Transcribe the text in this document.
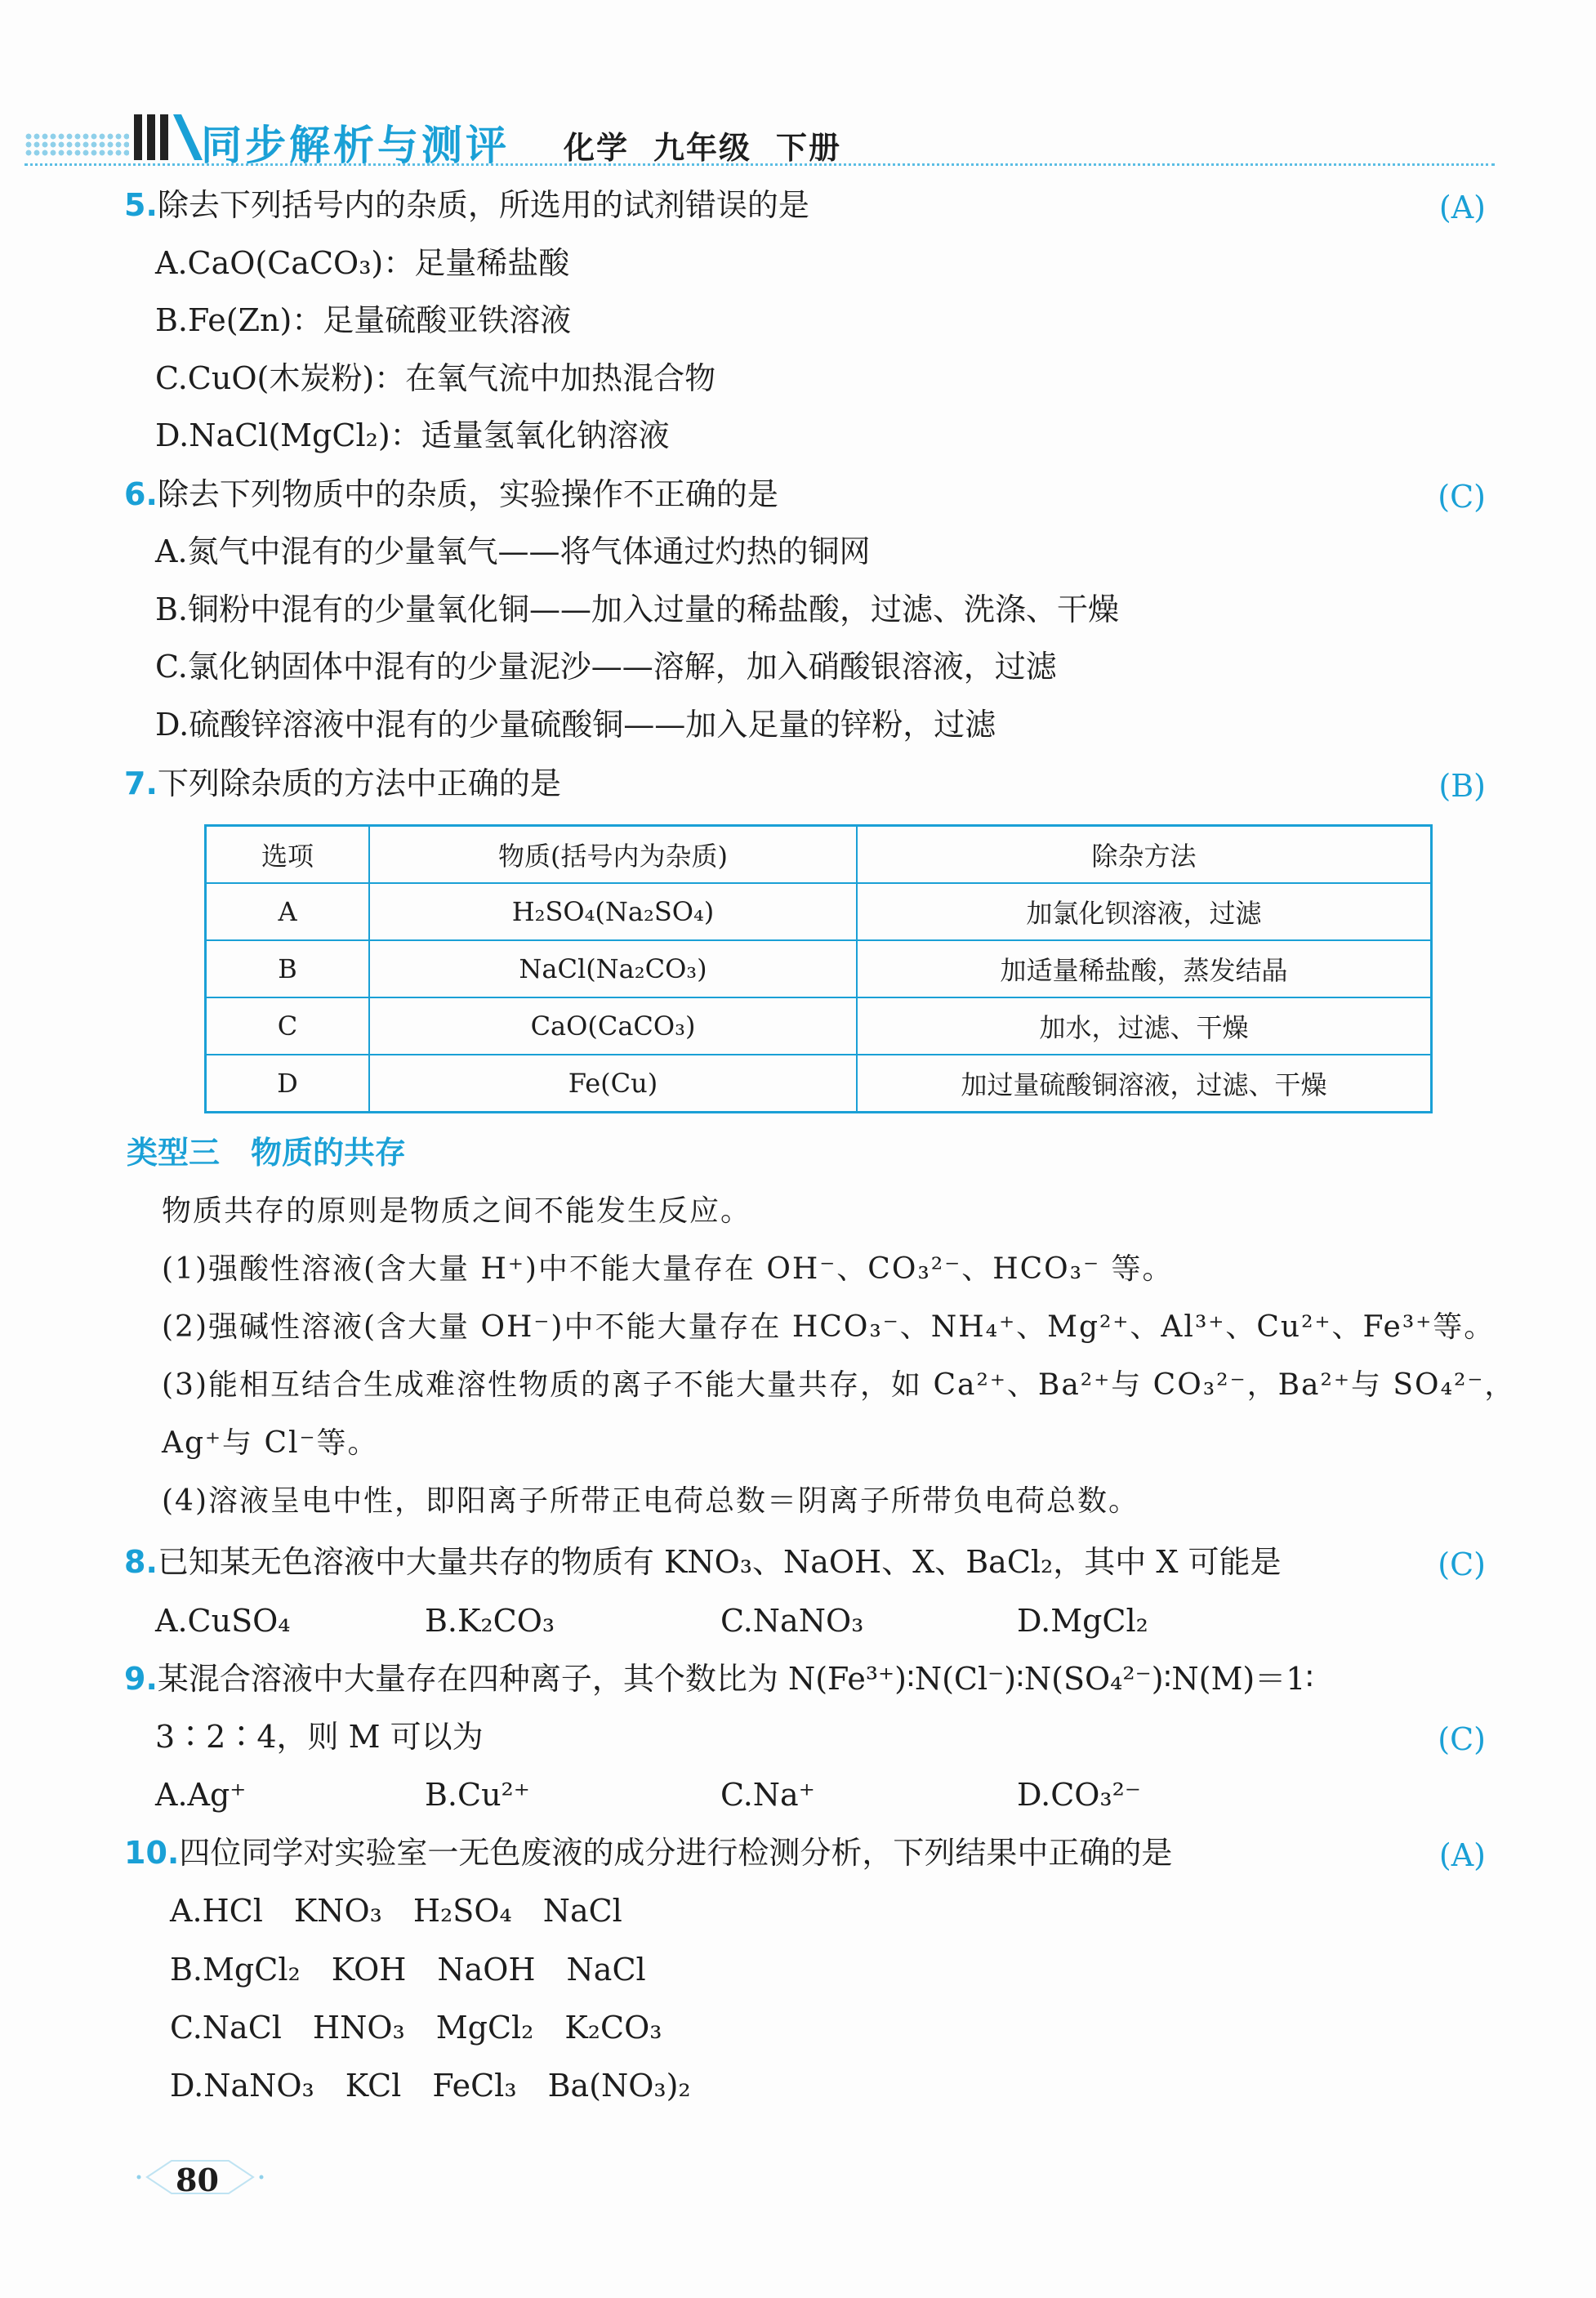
同步解析与测评 化学 九年级 下册
5.除去下列括号内的杂质，所选用的试剂错误的是	(A)
A.CaO(CaCO₃)：足量稀盐酸
B.Fe(Zn)：足量硫酸亚铁溶液
C.CuO(木炭粉)：在氧气流中加热混合物
D.NaCl(MgCl₂)：适量氢氧化钠溶液
6.除去下列物质中的杂质，实验操作不正确的是	(C)
A.氮气中混有的少量氧气——将气体通过灼热的铜网
B.铜粉中混有的少量氧化铜——加入过量的稀盐酸，过滤、洗涤、干燥
C.氯化钠固体中混有的少量泥沙——溶解，加入硝酸银溶液，过滤
D.硫酸锌溶液中混有的少量硫酸铜——加入足量的锌粉，过滤
7.下列除杂质的方法中正确的是	(B)
选项	物质(括号内为杂质)	除杂方法
A	H₂SO₄(Na₂SO₄)	加氯化钡溶液，过滤
B	NaCl(Na₂CO₃)	加适量稀盐酸，蒸发结晶
C	CaO(CaCO₃)	加水，过滤、干燥
D	Fe(Cu)	加过量硫酸铜溶液，过滤、干燥
类型三　物质的共存
物质共存的原则是物质之间不能发生反应。
(1)强酸性溶液(含大量 H⁺)中不能大量存在 OH⁻、CO₃²⁻、HCO₃⁻ 等。
(2)强碱性溶液(含大量 OH⁻)中不能大量存在 HCO₃⁻、NH₄⁺、Mg²⁺、Al³⁺、Cu²⁺、Fe³⁺等。
(3)能相互结合生成难溶性物质的离子不能大量共存，如 Ca²⁺、Ba²⁺与 CO₃²⁻，Ba²⁺与 SO₄²⁻，
Ag⁺与 Cl⁻等。
(4)溶液呈电中性，即阳离子所带正电荷总数＝阴离子所带负电荷总数。
8.已知某无色溶液中大量共存的物质有 KNO₃、NaOH、X、BaCl₂，其中 X 可能是	(C)
A.CuSO₄	B.K₂CO₃	C.NaNO₃	D.MgCl₂
9.某混合溶液中大量存在四种离子，其个数比为 N(Fe³⁺)∶N(Cl⁻)∶N(SO₄²⁻)∶N(M)＝1∶
3∶2∶4，则 M 可以为	(C)
A.Ag⁺	B.Cu²⁺	C.Na⁺	D.CO₃²⁻
10.四位同学对实验室一无色废液的成分进行检测分析，下列结果中正确的是	(A)
A.HCl　KNO₃　H₂SO₄　NaCl
B.MgCl₂　KOH　NaOH　NaCl
C.NaCl　HNO₃　MgCl₂　K₂CO₃
D.NaNO₃　KCl　FeCl₃　Ba(NO₃)₂
80
